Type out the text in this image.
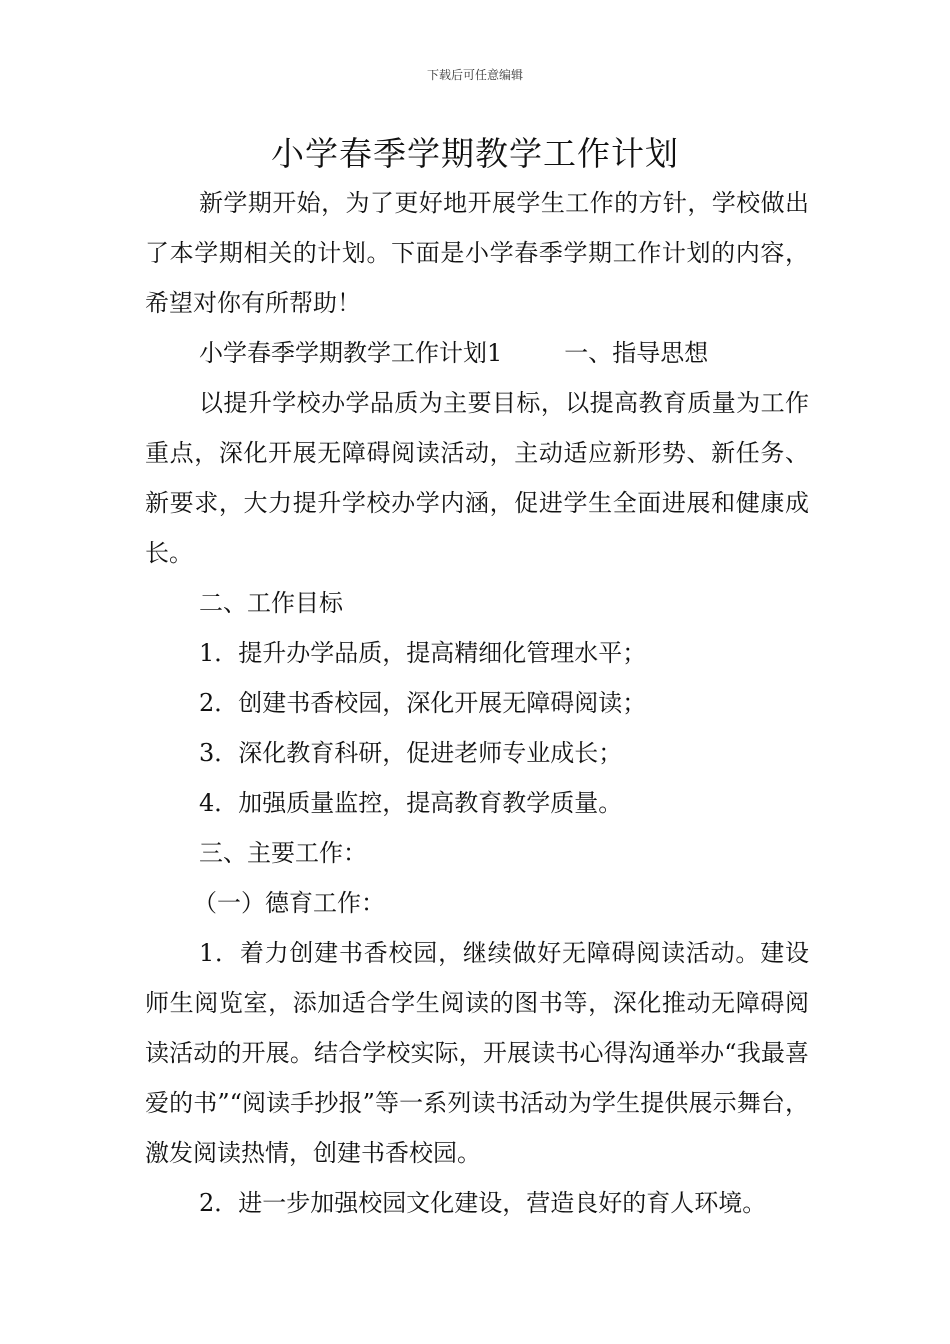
下载后可任意编辑
小学春季学期教学工作计划

新学期开始，为了更好地开展学生工作的方针，学校做出了本学期相关的计划。下面是小学春季学期工作计划的内容，希望对你有所帮助！

小学春季学期教学工作计划1	一、指导思想

以提升学校办学品质为主要目标，以提高教育质量为工作重点，深化开展无障碍阅读活动，主动适应新形势、新任务、新要求，大力提升学校办学内涵，促进学生全面进展和健康成长。

二、工作目标

1．提升办学品质，提高精细化管理水平；

2．创建书香校园，深化开展无障碍阅读；

3．深化教育科研，促进老师专业成长；

4．加强质量监控，提高教育教学质量。

三、主要工作：

（一）德育工作：

1．着力创建书香校园，继续做好无障碍阅读活动。建设师生阅览室，添加适合学生阅读的图书等，深化推动无障碍阅读活动的开展。结合学校实际，开展读书心得沟通举办“我最喜爱的书”“阅读手抄报”等一系列读书活动为学生提供展示舞台，激发阅读热情，创建书香校园。

2．进一步加强校园文化建设，营造良好的育人环境。
